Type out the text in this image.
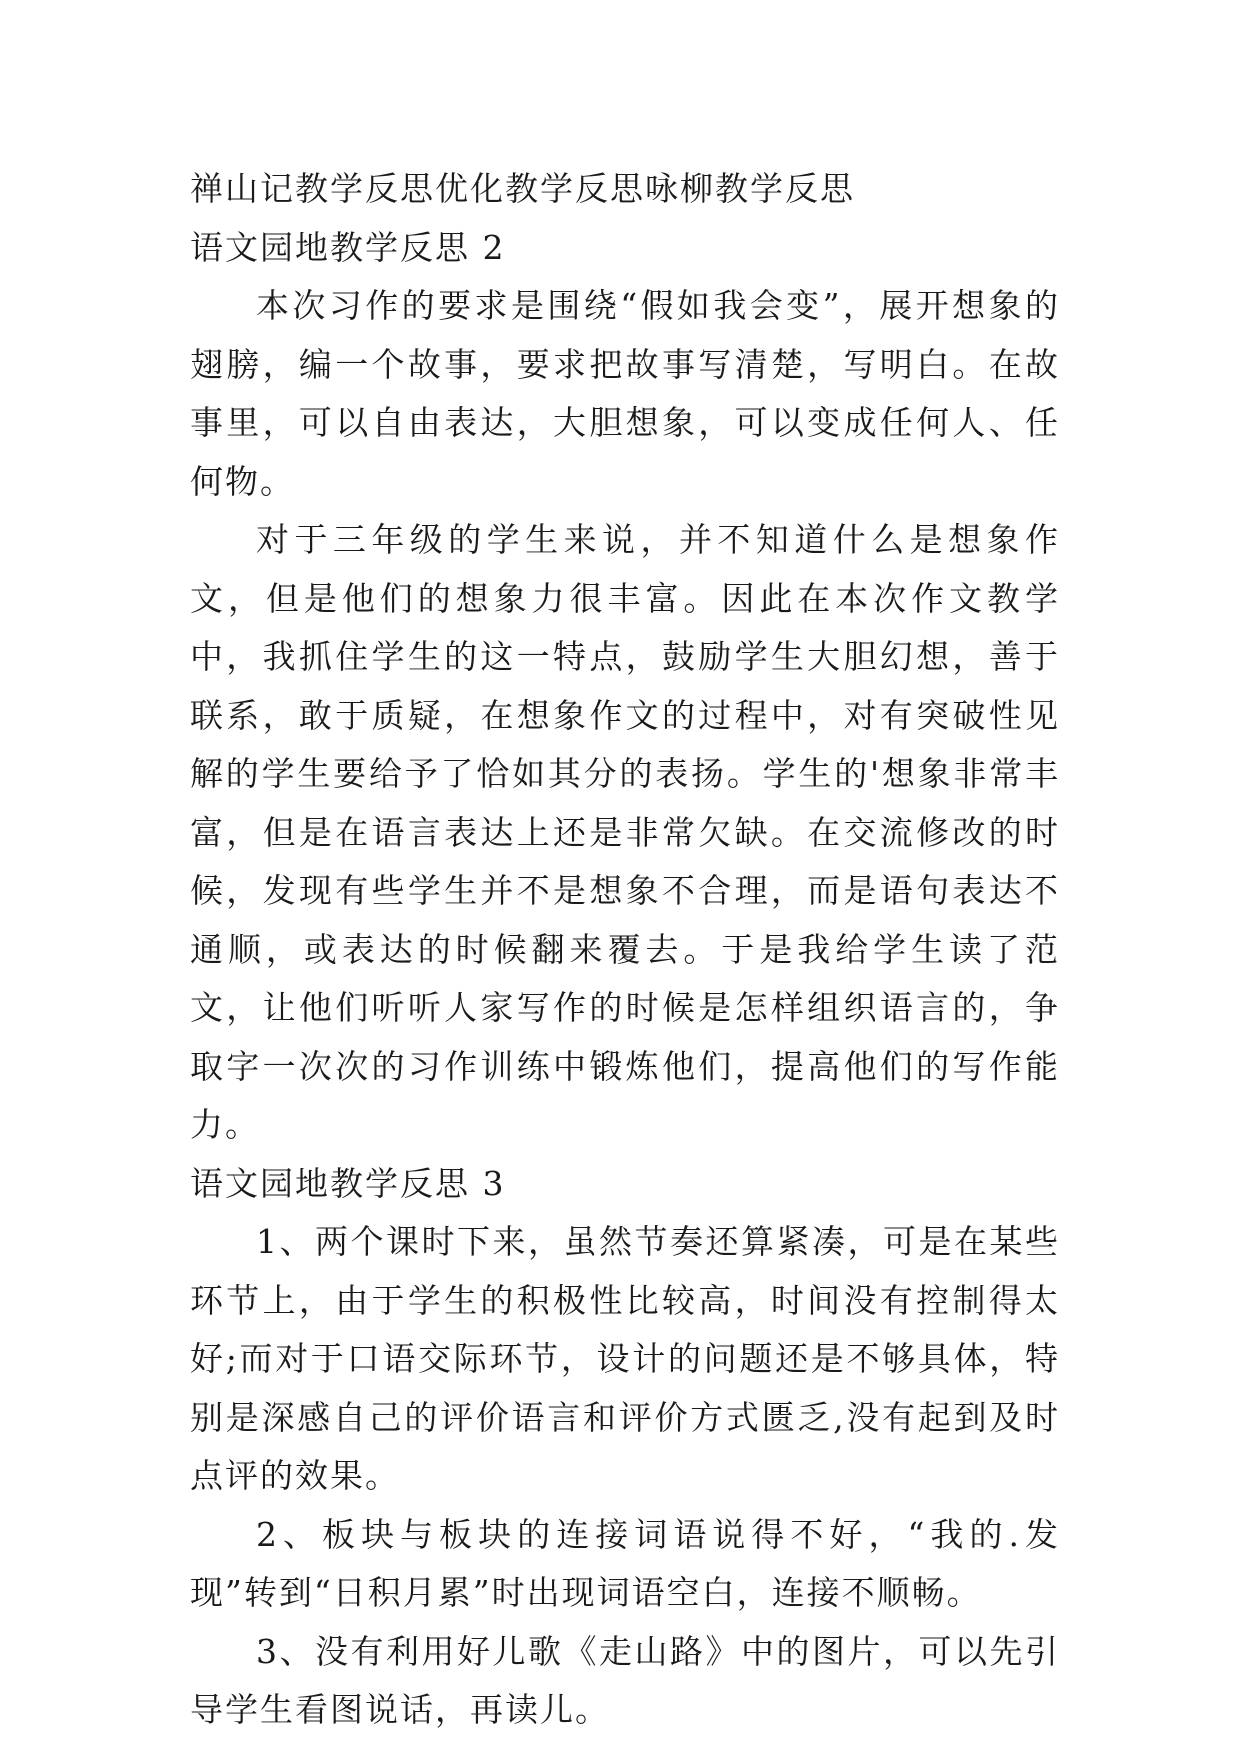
禅山记教学反思优化教学反思咏柳教学反思

语文园地教学反思 2

本次习作的要求是围绕“假如我会变”，展开想象的翅膀，编一个故事，要求把故事写清楚，写明白。在故事里，可以自由表达，大胆想象，可以变成任何人、任何物。

对于三年级的学生来说，并不知道什么是想象作文，但是他们的想象力很丰富。因此在本次作文教学中，我抓住学生的这一特点，鼓励学生大胆幻想，善于联系，敢于质疑，在想象作文的过程中，对有突破性见解的学生要给予了恰如其分的表扬。学生的'想象非常丰富，但是在语言表达上还是非常欠缺。在交流修改的时候，发现有些学生并不是想象不合理，而是语句表达不通顺，或表达的时候翻来覆去。于是我给学生读了范文，让他们听听人家写作的时候是怎样组织语言的，争取字一次次的习作训练中锻炼他们，提高他们的写作能力。

语文园地教学反思 3

1、两个课时下来，虽然节奏还算紧凑，可是在某些环节上，由于学生的积极性比较高，时间没有控制得太好;而对于口语交际环节，设计的问题还是不够具体，特别是深感自己的评价语言和评价方式匮乏,没有起到及时点评的效果。

2、板块与板块的连接词语说得不好，“我的.发现”转到“日积月累”时出现词语空白，连接不顺畅。

3、没有利用好儿歌《走山路》中的图片，可以先引导学生看图说话，再读儿。
